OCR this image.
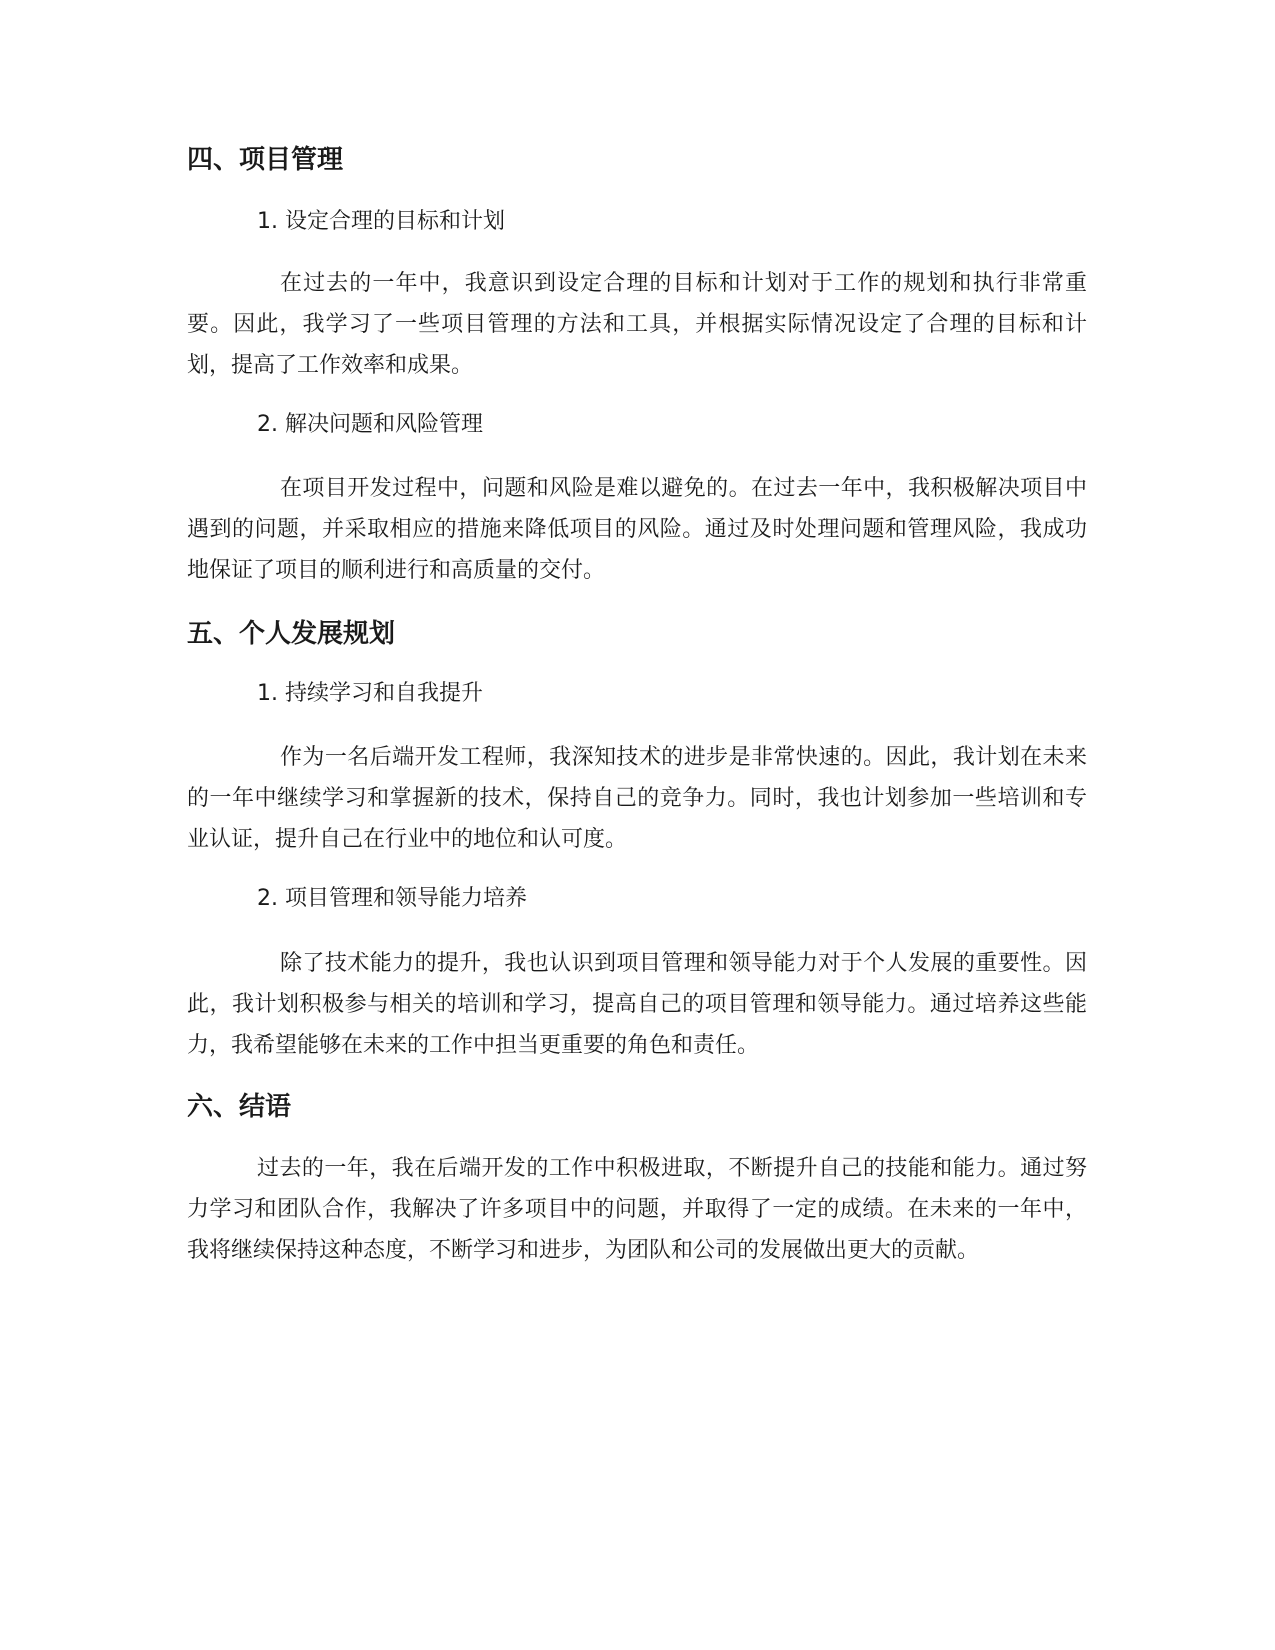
四、项目管理
1. 设定合理的目标和计划
在过去的一年中，我意识到设定合理的目标和计划对于工作的规划和执行非常重要。因此，我学习了一些项目管理的方法和工具，并根据实际情况设定了合理的目标和计划，提高了工作效率和成果。
2. 解决问题和风险管理
在项目开发过程中，问题和风险是难以避免的。在过去一年中，我积极解决项目中遇到的问题，并采取相应的措施来降低项目的风险。通过及时处理问题和管理风险，我成功地保证了项目的顺利进行和高质量的交付。
五、个人发展规划
1. 持续学习和自我提升
作为一名后端开发工程师，我深知技术的进步是非常快速的。因此，我计划在未来的一年中继续学习和掌握新的技术，保持自己的竞争力。同时，我也计划参加一些培训和专业认证，提升自己在行业中的地位和认可度。
2. 项目管理和领导能力培养
除了技术能力的提升，我也认识到项目管理和领导能力对于个人发展的重要性。因此，我计划积极参与相关的培训和学习，提高自己的项目管理和领导能力。通过培养这些能力，我希望能够在未来的工作中担当更重要的角色和责任。
六、结语
过去的一年，我在后端开发的工作中积极进取，不断提升自己的技能和能力。通过努力学习和团队合作，我解决了许多项目中的问题，并取得了一定的成绩。在未来的一年中，我将继续保持这种态度，不断学习和进步，为团队和公司的发展做出更大的贡献。
